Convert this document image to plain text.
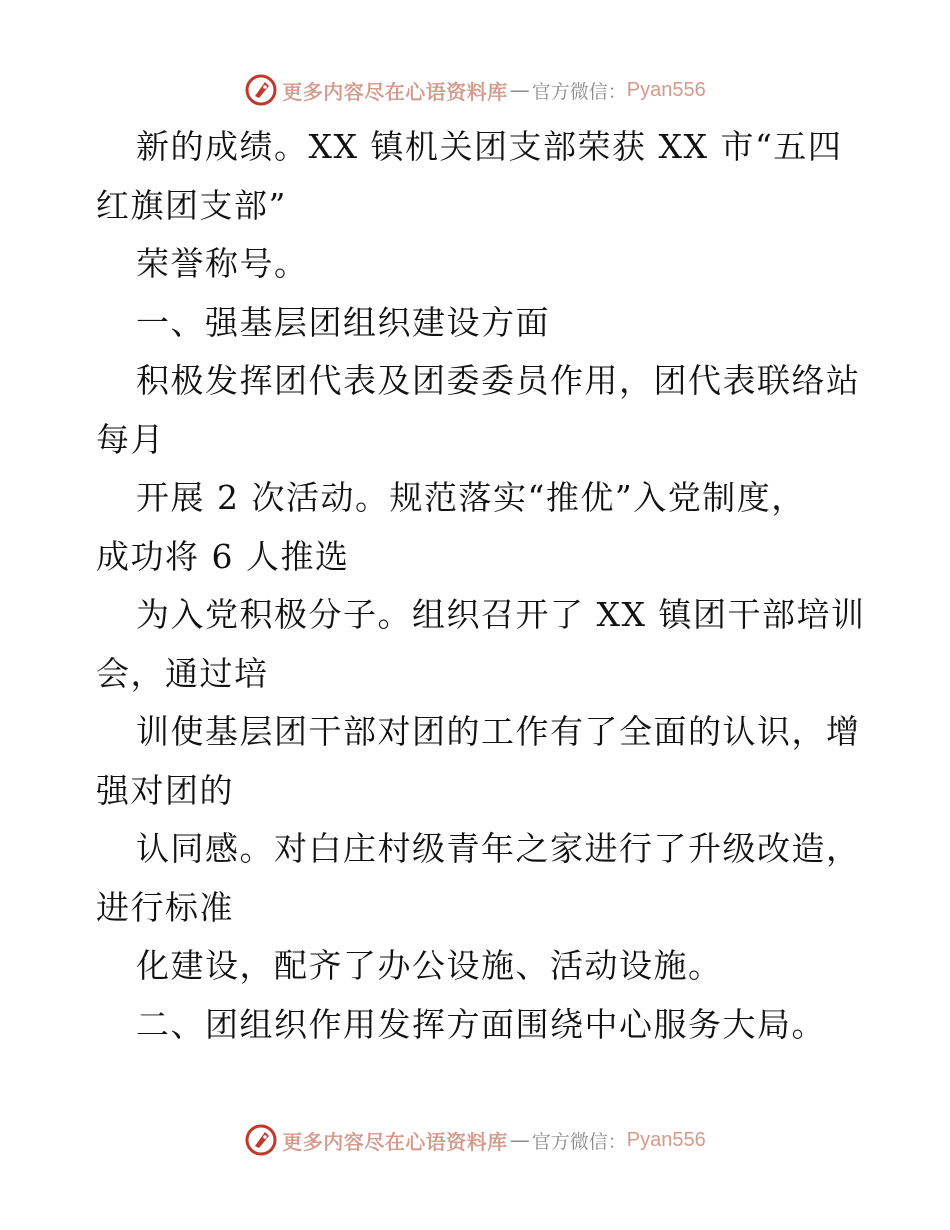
更多内容尽在心语资料库 — 官方微信： Pyan556
新的成绩。XX 镇机关团支部荣获 XX 市“五四
红旗团支部”
荣誉称号。
一、强基层团组织建设方面
积极发挥团代表及团委委员作用，团代表联络站
每月
开展 2 次活动。规范落实“推优”入党制度，
成功将 6 人推选
为入党积极分子。组织召开了 XX 镇团干部培训
会，通过培
训使基层团干部对团的工作有了全面的认识，增
强对团的
认同感。对白庄村级青年之家进行了升级改造，
进行标准
化建设，配齐了办公设施、活动设施。
二、团组织作用发挥方面围绕中心服务大局。
更多内容尽在心语资料库 — 官方微信： Pyan556
